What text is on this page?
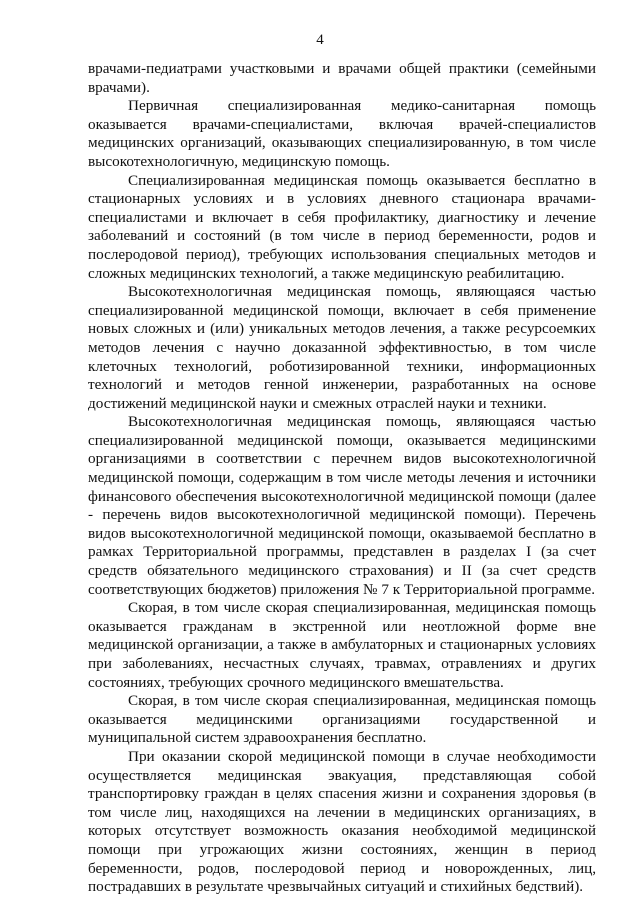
4

врачами-педиатрами участковыми и врачами общей практики (семейными врачами).

Первичная специализированная медико-санитарная помощь оказывается врачами-специалистами, включая врачей-специалистов медицинских организаций, оказывающих специализированную, в том числе высокотехнологичную, медицинскую помощь.

Специализированная медицинская помощь оказывается бесплатно в стационарных условиях и в условиях дневного стационара врачами-специалистами и включает в себя профилактику, диагностику и лечение заболеваний и состояний (в том числе в период беременности, родов и послеродовой период), требующих использования специальных методов и сложных медицинских технологий, а также медицинскую реабилитацию.

Высокотехнологичная медицинская помощь, являющаяся частью специализированной медицинской помощи, включает в себя применение новых сложных и (или) уникальных методов лечения, а также ресурсоемких методов лечения с научно доказанной эффективностью, в том числе клеточных технологий, роботизированной техники, информационных технологий и методов генной инженерии, разработанных на основе достижений медицинской науки и смежных отраслей науки и техники.

Высокотехнологичная медицинская помощь, являющаяся частью специализированной медицинской помощи, оказывается медицинскими организациями в соответствии с перечнем видов высокотехнологичной медицинской помощи, содержащим в том числе методы лечения и источники финансового обеспечения высокотехнологичной медицинской помощи (далее - перечень видов высокотехнологичной медицинской помощи). Перечень видов высокотехнологичной медицинской помощи, оказываемой бесплатно в рамках Территориальной программы, представлен в разделах I (за счет средств обязательного медицинского страхования) и II (за счет средств соответствующих бюджетов) приложения № 7 к Территориальной программе.

Скорая, в том числе скорая специализированная, медицинская помощь оказывается гражданам в экстренной или неотложной форме вне медицинской организации, а также в амбулаторных и стационарных условиях при заболеваниях, несчастных случаях, травмах, отравлениях и других состояниях, требующих срочного медицинского вмешательства.

Скорая, в том числе скорая специализированная, медицинская помощь оказывается медицинскими организациями государственной и муниципальной систем здравоохранения бесплатно.

При оказании скорой медицинской помощи в случае необходимости осуществляется медицинская эвакуация, представляющая собой транспортировку граждан в целях спасения жизни и сохранения здоровья (в том числе лиц, находящихся на лечении в медицинских организациях, в которых отсутствует возможность оказания необходимой медицинской помощи при угрожающих жизни состояниях, женщин в период беременности, родов, послеродовой период и новорожденных, лиц, пострадавших в результате чрезвычайных ситуаций и стихийных бедствий).
